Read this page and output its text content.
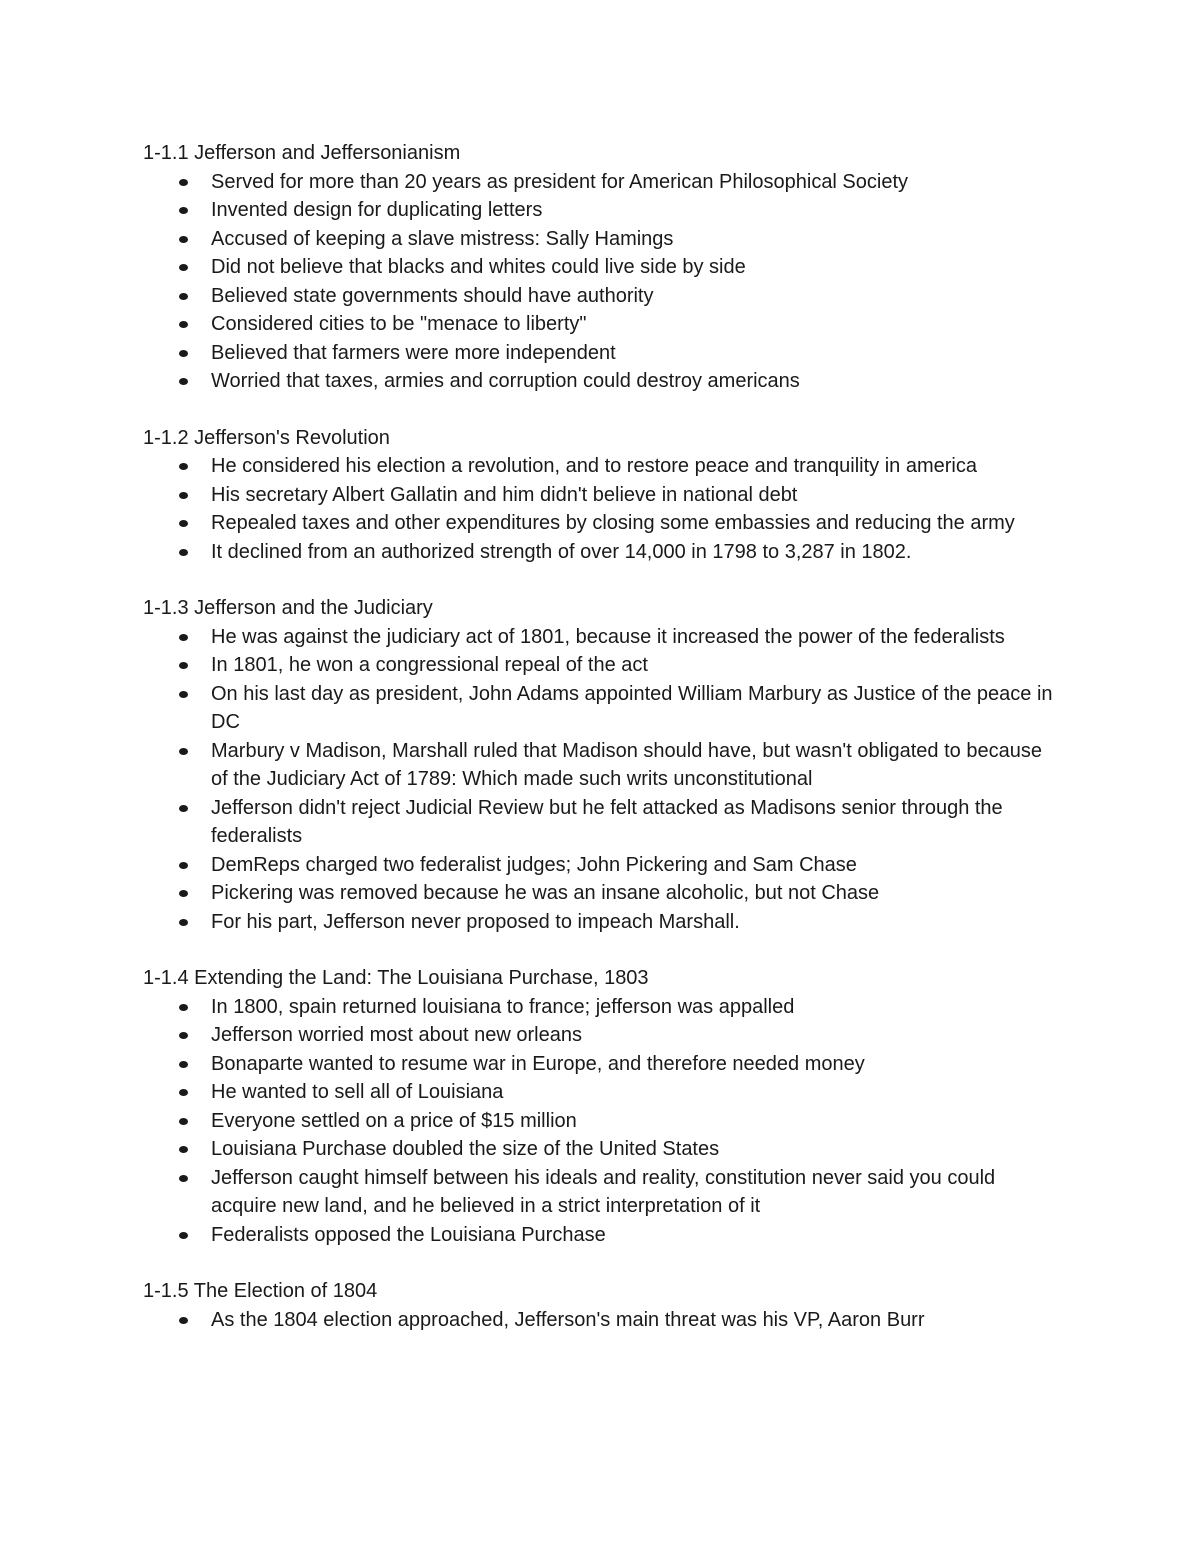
1-1.1 Jefferson and Jeffersonianism

Served for more than 20 years as president for American Philosophical Society
Invented design for duplicating letters
Accused of keeping a slave mistress: Sally Hamings
Did not believe that blacks and whites could live side by side
Believed state governments should have authority
Considered cities to be "menace to liberty"
Believed that farmers were more independent
Worried that taxes, armies and corruption could destroy americans

1-1.2 Jefferson's Revolution

He considered his election a revolution, and to restore peace and tranquility in america
His secretary Albert Gallatin and him didn't believe in national debt
Repealed taxes and other expenditures by closing some embassies and reducing the army
It declined from an authorized strength of over 14,000 in 1798 to 3,287 in 1802.

1-1.3 Jefferson and the Judiciary

He was against the judiciary act of 1801, because it increased the power of the federalists
In 1801, he won a congressional repeal of the act
On his last day as president, John Adams appointed William Marbury as Justice of the peace in DC
Marbury v Madison, Marshall ruled that Madison should have, but wasn't obligated to because of the Judiciary Act of 1789: Which made such writs unconstitutional
Jefferson didn't reject Judicial Review but he felt attacked as Madisons senior through the federalists
DemReps charged two federalist judges; John Pickering and Sam Chase
Pickering was removed because he was an insane alcoholic, but not Chase
For his part, Jefferson never proposed to impeach Marshall.

1-1.4 Extending the Land: The Louisiana Purchase, 1803

In 1800, spain returned louisiana to france; jefferson was appalled
Jefferson worried most about new orleans
Bonaparte wanted to resume war in Europe, and therefore needed money
He wanted to sell all of Louisiana
Everyone settled on a price of $15 million
Louisiana Purchase doubled the size of the United States
Jefferson caught himself between his ideals and reality, constitution never said you could acquire new land, and he believed in a strict interpretation of it
Federalists opposed the Louisiana Purchase

1-1.5 The Election of 1804

As the 1804 election approached, Jefferson's main threat was his VP, Aaron Burr
